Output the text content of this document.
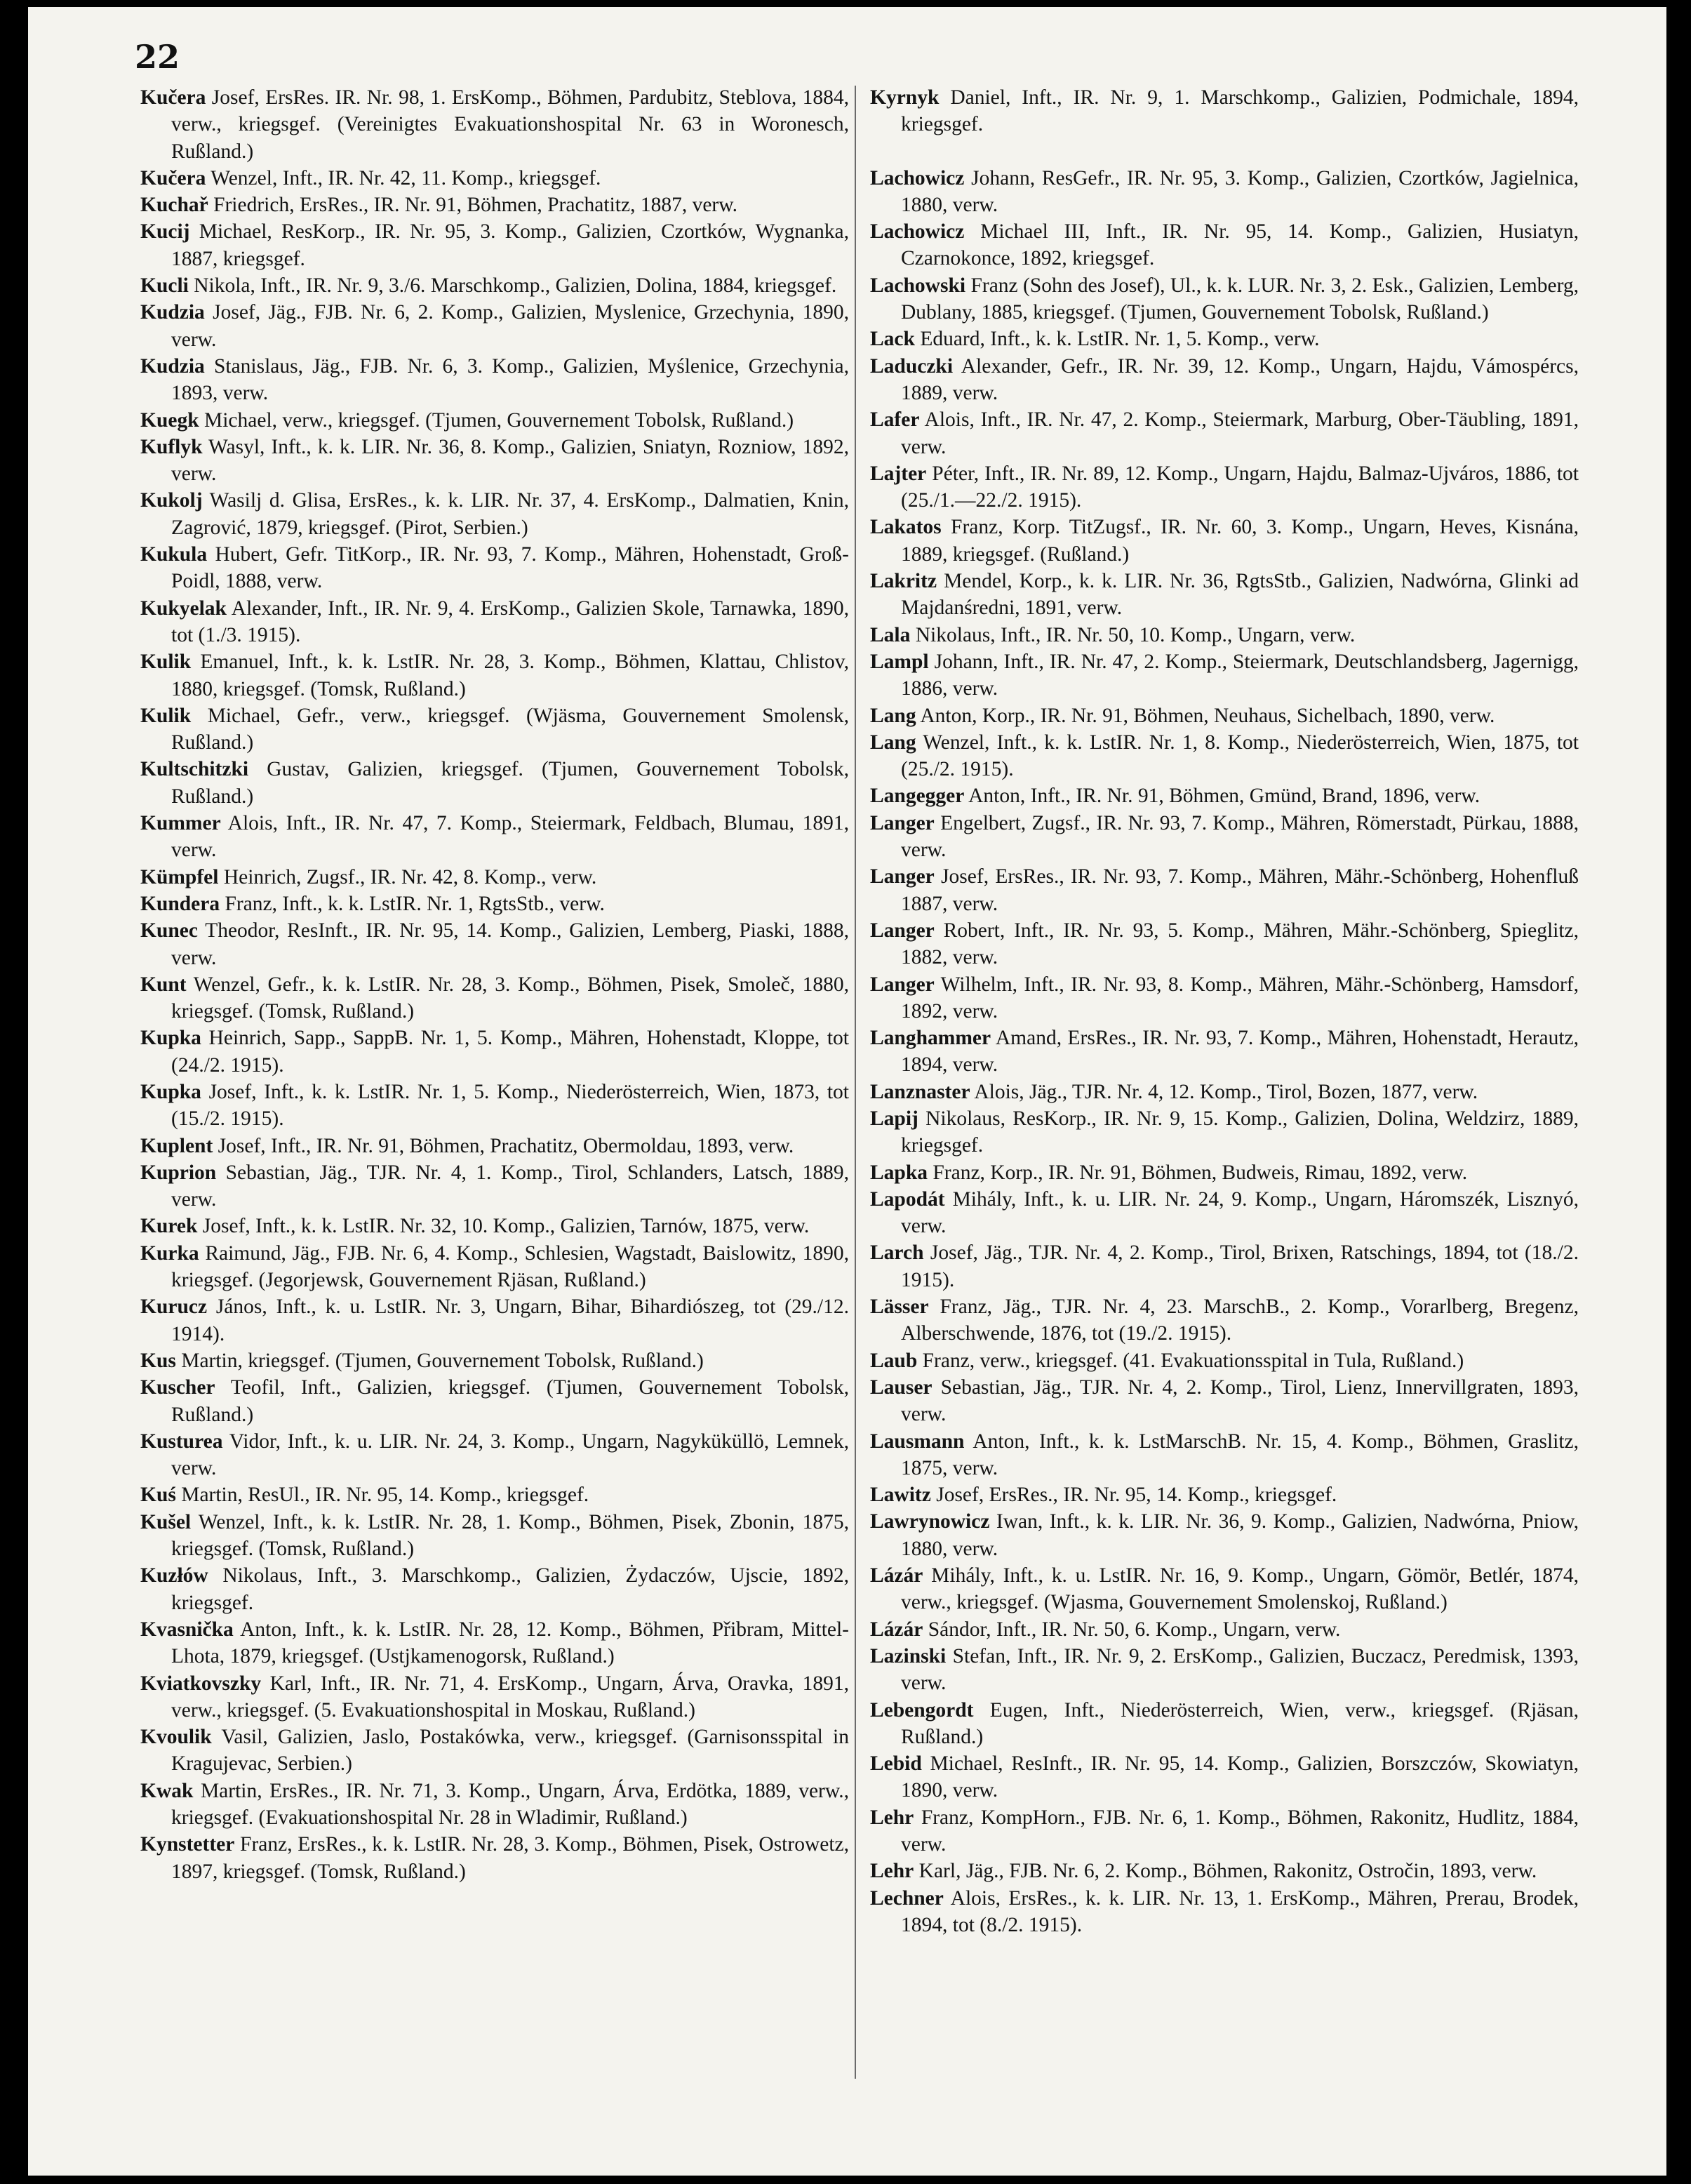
22

Kučera Josef, ErsRes. IR. Nr. 98, 1. ErsKomp., Böhmen, Pardubitz, Steblova, 1884, verw., kriegsgef. (Vereinigtes Evakuationshospital Nr. 63 in Woronesch, Rußland.)

Kučera Wenzel, Inft., IR. Nr. 42, 11. Komp., kriegsgef.

Kuchař Friedrich, ErsRes., IR. Nr. 91, Böhmen, Prachatitz, 1887, verw.

Kucij Michael, ResKorp., IR. Nr. 95, 3. Komp., Galizien, Czortków, Wygnanka, 1887, kriegsgef.

Kucli Nikola, Inft., IR. Nr. 9, 3./6. Marschkomp., Galizien, Dolina, 1884, kriegsgef.

Kudzia Josef, Jäg., FJB. Nr. 6, 2. Komp., Galizien, Myslenice, Grzechynia, 1890, verw.

Kudzia Stanislaus, Jäg., FJB. Nr. 6, 3. Komp., Galizien, Myślenice, Grzechynia, 1893, verw.

Kuegk Michael, verw., kriegsgef. (Tjumen, Gouvernement Tobolsk, Rußland.)

Kuflyk Wasyl, Inft., k. k. LIR. Nr. 36, 8. Komp., Galizien, Sniatyn, Rozniow, 1892, verw.

Kukolj Wasilj d. Glisa, ErsRes., k. k. LIR. Nr. 37, 4. ErsKomp., Dalmatien, Knin, Zagrović, 1879, kriegsgef. (Pirot, Serbien.)

Kukula Hubert, Gefr. TitKorp., IR. Nr. 93, 7. Komp., Mähren, Hohenstadt, Groß-Poidl, 1888, verw.

Kukyelak Alexander, Inft., IR. Nr. 9, 4. ErsKomp., Galizien Skole, Tarnawka, 1890, tot (1./3. 1915).

Kulik Emanuel, Inft., k. k. LstIR. Nr. 28, 3. Komp., Böhmen, Klattau, Chlistov, 1880, kriegsgef. (Tomsk, Rußland.)

Kulik Michael, Gefr., verw., kriegsgef. (Wjäsma, Gouvernement Smolensk, Rußland.)

Kultschitzki Gustav, Galizien, kriegsgef. (Tjumen, Gouvernement Tobolsk, Rußland.)

Kummer Alois, Inft., IR. Nr. 47, 7. Komp., Steiermark, Feldbach, Blumau, 1891, verw.

Kümpfel Heinrich, Zugsf., IR. Nr. 42, 8. Komp., verw.

Kundera Franz, Inft., k. k. LstIR. Nr. 1, RgtsStb., verw.

Kunec Theodor, ResInft., IR. Nr. 95, 14. Komp., Galizien, Lemberg, Piaski, 1888, verw.

Kunt Wenzel, Gefr., k. k. LstIR. Nr. 28, 3. Komp., Böhmen, Pisek, Smoleč, 1880, kriegsgef. (Tomsk, Rußland.)

Kupka Heinrich, Sapp., SappB. Nr. 1, 5. Komp., Mähren, Hohenstadt, Kloppe, tot (24./2. 1915).

Kupka Josef, Inft., k. k. LstIR. Nr. 1, 5. Komp., Niederösterreich, Wien, 1873, tot (15./2. 1915).

Kuplent Josef, Inft., IR. Nr. 91, Böhmen, Prachatitz, Obermoldau, 1893, verw.

Kuprion Sebastian, Jäg., TJR. Nr. 4, 1. Komp., Tirol, Schlanders, Latsch, 1889, verw.

Kurek Josef, Inft., k. k. LstIR. Nr. 32, 10. Komp., Galizien, Tarnów, 1875, verw.

Kurka Raimund, Jäg., FJB. Nr. 6, 4. Komp., Schlesien, Wagstadt, Baislowitz, 1890, kriegsgef. (Jegorjewsk, Gouvernement Rjäsan, Rußland.)

Kurucz János, Inft., k. u. LstIR. Nr. 3, Ungarn, Bihar, Bihardiószeg, tot (29./12. 1914).

Kus Martin, kriegsgef. (Tjumen, Gouvernement Tobolsk, Rußland.)

Kuscher Teofil, Inft., Galizien, kriegsgef. (Tjumen, Gouvernement Tobolsk, Rußland.)

Kusturea Vidor, Inft., k. u. LIR. Nr. 24, 3. Komp., Ungarn, Nagyküküllö, Lemnek, verw.

Kuś Martin, ResUl., IR. Nr. 95, 14. Komp., kriegsgef.

Kušel Wenzel, Inft., k. k. LstIR. Nr. 28, 1. Komp., Böhmen, Pisek, Zbonin, 1875, kriegsgef. (Tomsk, Rußland.)

Kuzłów Nikolaus, Inft., 3. Marschkomp., Galizien, Żydaczów, Ujscie, 1892, kriegsgef.

Kvasnička Anton, Inft., k. k. LstIR. Nr. 28, 12. Komp., Böhmen, Přibram, Mittel-Lhota, 1879, kriegsgef. (Ustjkamenogorsk, Rußland.)

Kviatkovszky Karl, Inft., IR. Nr. 71, 4. ErsKomp., Ungarn, Árva, Oravka, 1891, verw., kriegsgef. (5. Evakuationshospital in Moskau, Rußland.)

Kvoulik Vasil, Galizien, Jaslo, Postakówka, verw., kriegsgef. (Garnisonsspital in Kragujevac, Serbien.)

Kwak Martin, ErsRes., IR. Nr. 71, 3. Komp., Ungarn, Árva, Erdötka, 1889, verw., kriegsgef. (Evakuationshospital Nr. 28 in Wladimir, Rußland.)

Kynstetter Franz, ErsRes., k. k. LstIR. Nr. 28, 3. Komp., Böhmen, Pisek, Ostrowetz, 1897, kriegsgef. (Tomsk, Rußland.)

Kyrnyk Daniel, Inft., IR. Nr. 9, 1. Marschkomp., Galizien, Podmichale, 1894, kriegsgef.

Lachowicz Johann, ResGefr., IR. Nr. 95, 3. Komp., Galizien, Czortków, Jagielnica, 1880, verw.

Lachowicz Michael III, Inft., IR. Nr. 95, 14. Komp., Galizien, Husiatyn, Czarnokonce, 1892, kriegsgef.

Lachowski Franz (Sohn des Josef), Ul., k. k. LUR. Nr. 3, 2. Esk., Galizien, Lemberg, Dublany, 1885, kriegsgef. (Tjumen, Gouvernement Tobolsk, Rußland.)

Lack Eduard, Inft., k. k. LstIR. Nr. 1, 5. Komp., verw.

Laduczki Alexander, Gefr., IR. Nr. 39, 12. Komp., Ungarn, Hajdu, Vámospércs, 1889, verw.

Lafer Alois, Inft., IR. Nr. 47, 2. Komp., Steiermark, Marburg, Ober-Täubling, 1891, verw.

Lajter Péter, Inft., IR. Nr. 89, 12. Komp., Ungarn, Hajdu, Balmaz-Ujváros, 1886, tot (25./1.—22./2. 1915).

Lakatos Franz, Korp. TitZugsf., IR. Nr. 60, 3. Komp., Ungarn, Heves, Kisnána, 1889, kriegsgef. (Rußland.)

Lakritz Mendel, Korp., k. k. LIR. Nr. 36, RgtsStb., Galizien, Nadwórna, Glinki ad Majdanśredni, 1891, verw.

Lala Nikolaus, Inft., IR. Nr. 50, 10. Komp., Ungarn, verw.

Lampl Johann, Inft., IR. Nr. 47, 2. Komp., Steiermark, Deutschlandsberg, Jagernigg, 1886, verw.

Lang Anton, Korp., IR. Nr. 91, Böhmen, Neuhaus, Sichelbach, 1890, verw.

Lang Wenzel, Inft., k. k. LstIR. Nr. 1, 8. Komp., Niederösterreich, Wien, 1875, tot (25./2. 1915).

Langegger Anton, Inft., IR. Nr. 91, Böhmen, Gmünd, Brand, 1896, verw.

Langer Engelbert, Zugsf., IR. Nr. 93, 7. Komp., Mähren, Römerstadt, Pürkau, 1888, verw.

Langer Josef, ErsRes., IR. Nr. 93, 7. Komp., Mähren, Mähr.-Schönberg, Hohenfluß 1887, verw.

Langer Robert, Inft., IR. Nr. 93, 5. Komp., Mähren, Mähr.-Schönberg, Spieglitz, 1882, verw.

Langer Wilhelm, Inft., IR. Nr. 93, 8. Komp., Mähren, Mähr.-Schönberg, Hamsdorf, 1892, verw.

Langhammer Amand, ErsRes., IR. Nr. 93, 7. Komp., Mähren, Hohenstadt, Herautz, 1894, verw.

Lanznaster Alois, Jäg., TJR. Nr. 4, 12. Komp., Tirol, Bozen, 1877, verw.

Lapij Nikolaus, ResKorp., IR. Nr. 9, 15. Komp., Galizien, Dolina, Weldzirz, 1889, kriegsgef.

Lapka Franz, Korp., IR. Nr. 91, Böhmen, Budweis, Rimau, 1892, verw.

Lapodát Mihály, Inft., k. u. LIR. Nr. 24, 9. Komp., Ungarn, Háromszék, Lisznyó, verw.

Larch Josef, Jäg., TJR. Nr. 4, 2. Komp., Tirol, Brixen, Ratschings, 1894, tot (18./2. 1915).

Lässer Franz, Jäg., TJR. Nr. 4, 23. MarschB., 2. Komp., Vorarlberg, Bregenz, Alberschwende, 1876, tot (19./2. 1915).

Laub Franz, verw., kriegsgef. (41. Evakuationsspital in Tula, Rußland.)

Lauser Sebastian, Jäg., TJR. Nr. 4, 2. Komp., Tirol, Lienz, Innervillgraten, 1893, verw.

Lausmann Anton, Inft., k. k. LstMarschB. Nr. 15, 4. Komp., Böhmen, Graslitz, 1875, verw.

Lawitz Josef, ErsRes., IR. Nr. 95, 14. Komp., kriegsgef.

Lawrynowicz Iwan, Inft., k. k. LIR. Nr. 36, 9. Komp., Galizien, Nadwórna, Pniow, 1880, verw.

Lázár Mihály, Inft., k. u. LstIR. Nr. 16, 9. Komp., Ungarn, Gömör, Betlér, 1874, verw., kriegsgef. (Wjasma, Gouvernement Smolenskoj, Rußland.)

Lázár Sándor, Inft., IR. Nr. 50, 6. Komp., Ungarn, verw.

Lazinski Stefan, Inft., IR. Nr. 9, 2. ErsKomp., Galizien, Buczacz, Peredmisk, 1393, verw.

Lebengordt Eugen, Inft., Niederösterreich, Wien, verw., kriegsgef. (Rjäsan, Rußland.)

Lebid Michael, ResInft., IR. Nr. 95, 14. Komp., Galizien, Borszczów, Skowiatyn, 1890, verw.

Lehr Franz, KompHorn., FJB. Nr. 6, 1. Komp., Böhmen, Rakonitz, Hudlitz, 1884, verw.

Lehr Karl, Jäg., FJB. Nr. 6, 2. Komp., Böhmen, Rakonitz, Ostročin, 1893, verw.

Lechner Alois, ErsRes., k. k. LIR. Nr. 13, 1. ErsKomp., Mähren, Prerau, Brodek, 1894, tot (8./2. 1915).
